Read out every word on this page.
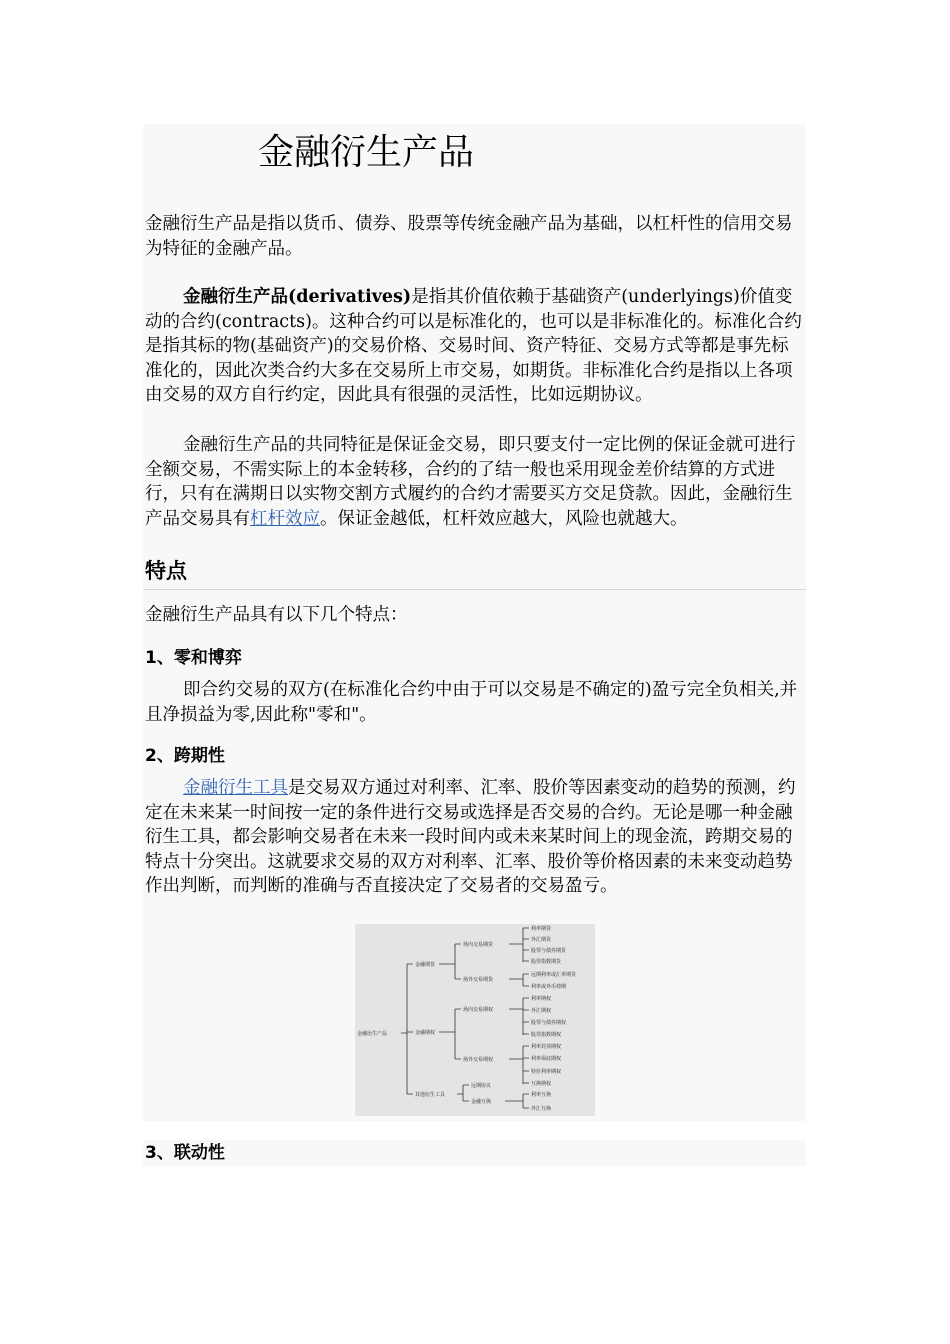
金融衍生产品

金融衍生产品是指以货币、债券、股票等传统金融产品为基础，以杠杆性的信用交易为特征的金融产品。

金融衍生产品(derivatives)是指其价值依赖于基础资产(underlyings)价值变动的合约(contracts)。这种合约可以是标准化的，也可以是非标准化的。标准化合约是指其标的物(基础资产)的交易价格、交易时间、资产特征、交易方式等都是事先标准化的，因此次类合约大多在交易所上市交易，如期货。非标准化合约是指以上各项由交易的双方自行约定，因此具有很强的灵活性，比如远期协议。

金融衍生产品的共同特征是保证金交易，即只要支付一定比例的保证金就可进行全额交易，不需实际上的本金转移，合约的了结一般也采用现金差价结算的方式进行，只有在满期日以实物交割方式履约的合约才需要买方交足贷款。因此，金融衍生产品交易具有杠杆效应。保证金越低，杠杆效应越大，风险也就越大。

特点

金融衍生产品具有以下几个特点：

1、零和博弈

即合约交易的双方(在标准化合约中由于可以交易是不确定的)盈亏完全负相关,并且净损益为零,因此称"零和"。

2、跨期性

金融衍生工具是交易双方通过对利率、汇率、股价等因素变动的趋势的预测，约定在未来某一时间按一定的条件进行交易或选择是否交易的合约。无论是哪一种金融衍生工具，都会影响交易者在未来一段时间内或未来某时间上的现金流，跨期交易的特点十分突出。这就要求交易的双方对利率、汇率、股价等价格因素的未来变动趋势作出判断，而判断的准确与否直接决定了交易者的交易盈亏。

金融衍生产品
金融期货
金融期权
其他衍生工具
场内交易期货
场外交易期货
场内交易期权
场外交易期权
远期协议
金融互换
利率期货
外汇期货
股票与债券期货
股票指数期货
远期利率或汇率期货
利率或外币掉期
利率期权
外汇期权
股票与债券期权
股票指数期权
利率封顶期权
利率保底期权
特价利率期权
互换期权
利率互换
外汇互换
3、联动性
